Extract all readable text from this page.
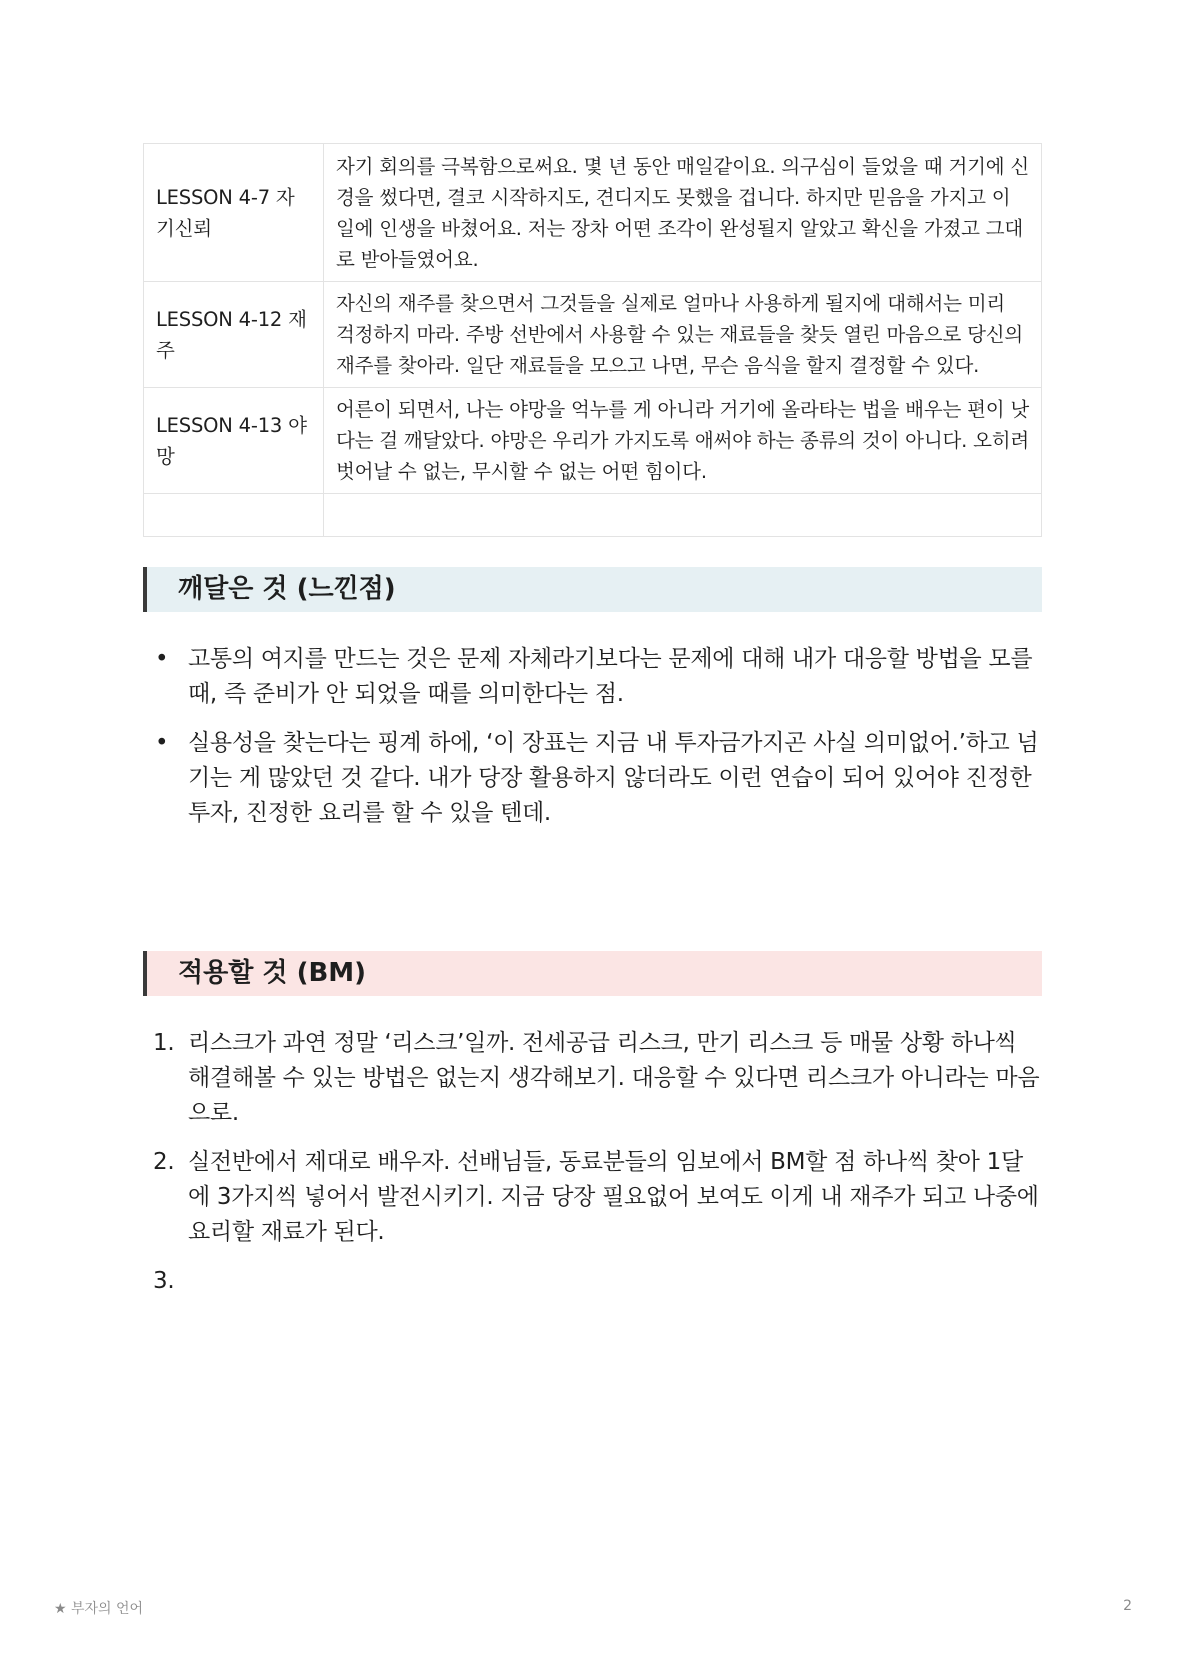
LESSON 4-7 자기신뢰	자기 회의를 극복함으로써요. 몇 년 동안 매일같이요. 의구심이 들었을 때 거기에 신경을 썼다면, 결코 시작하지도, 견디지도 못했을 겁니다. 하지만 믿음을 가지고 이 일에 인생을 바쳤어요. 저는 장차 어떤 조각이 완성될지 알았고 확신을 가졌고 그대로 받아들였어요.
LESSON 4-12 재주	자신의 재주를 찾으면서 그것들을 실제로 얼마나 사용하게 될지에 대해서는 미리 걱정하지 마라. 주방 선반에서 사용할 수 있는 재료들을 찾듯 열린 마음으로 당신의 재주를 찾아라. 일단 재료들을 모으고 나면, 무슨 음식을 할지 결정할 수 있다.
LESSON 4-13 야망	어른이 되면서, 나는 야망을 억누를 게 아니라 거기에 올라타는 법을 배우는 편이 낫다는 걸 깨달았다. 야망은 우리가 가지도록 애써야 하는 종류의 것이 아니다. 오히려 벗어날 수 없는, 무시할 수 없는 어떤 힘이다.

깨달은 것 (느낀점)
• 고통의 여지를 만드는 것은 문제 자체라기보다는 문제에 대해 내가 대응할 방법을 모를 때, 즉 준비가 안 되었을 때를 의미한다는 점.
• 실용성을 찾는다는 핑계 하에, ‘이 장표는 지금 내 투자금가지곤 사실 의미없어.’하고 넘기는 게 많았던 것 같다. 내가 당장 활용하지 않더라도 이런 연습이 되어 있어야 진정한 투자, 진정한 요리를 할 수 있을 텐데.
적용할 것 (BM)
1. 리스크가 과연 정말 ‘리스크’일까. 전세공급 리스크, 만기 리스크 등 매물 상황 하나씩 해결해볼 수 있는 방법은 없는지 생각해보기. 대응할 수 있다면 리스크가 아니라는 마음으로.
2. 실전반에서 제대로 배우자. 선배님들, 동료분들의 임보에서 BM할 점 하나씩 찾아 1달에 3가지씩 넣어서 발전시키기. 지금 당장 필요없어 보여도 이게 내 재주가 되고 나중에 요리할 재료가 된다.
3.
★ 부자의 언어	2
